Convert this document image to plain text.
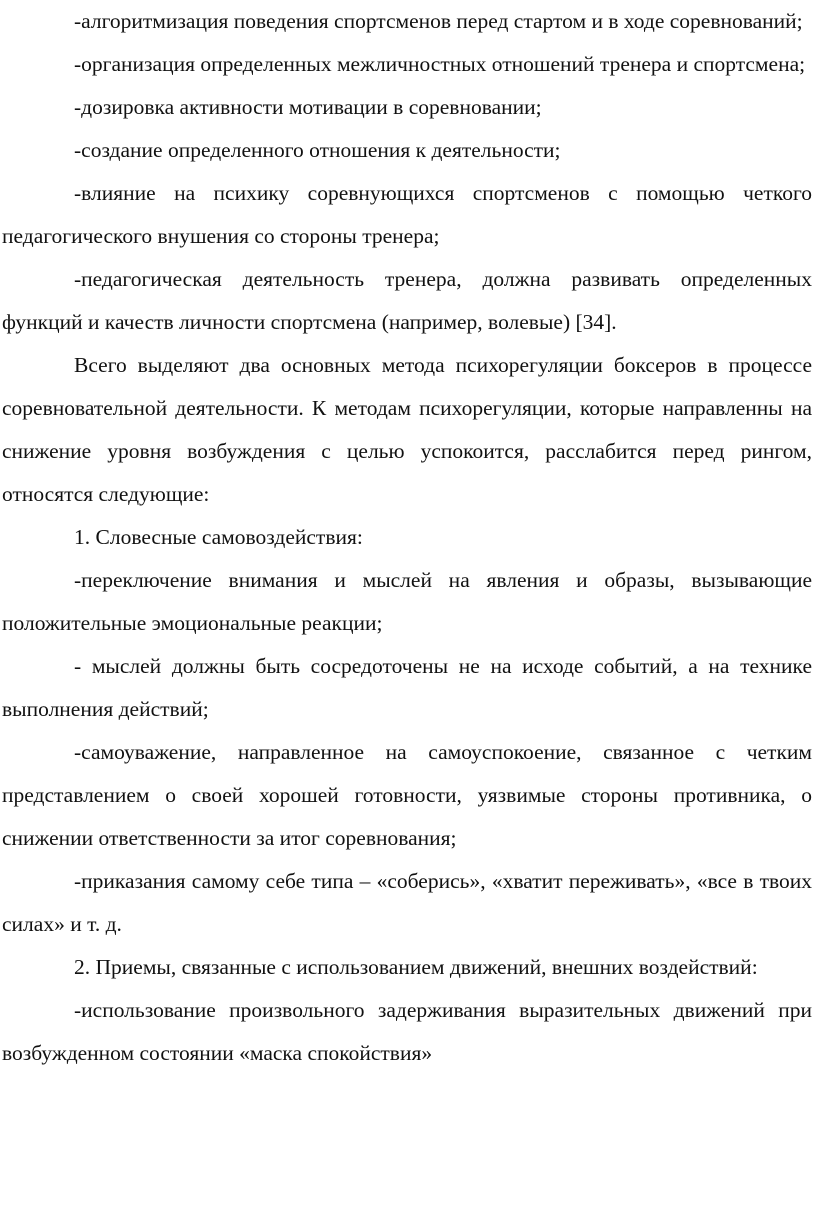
-алгоритмизация поведения спортсменов перед стартом и в ходе соревнований;

-организация определенных межличностных отношений тренера и спортсмена;

-дозировка активности мотивации в соревновании;

-создание определенного отношения к деятельности;

-влияние на психику соревнующихся спортсменов с помощью четкого педагогического внушения со стороны тренера;

-педагогическая деятельность тренера, должна развивать определенных функций и качеств личности спортсмена (например, волевые) [34].

Всего выделяют два основных метода психорегуляции боксеров в процессе соревновательной деятельности. К методам психорегуляции, которые направленны на снижение уровня возбуждения с целью успокоится, расслабится перед рингом, относятся следующие:

1. Словесные самовоздействия:

-переключение внимания и мыслей на явления и образы, вызывающие положительные эмоциональные реакции;

- мыслей должны быть сосредоточены не на исходе событий, а на технике выполнения действий;

-самоуважение, направленное на самоуспокоение, связанное с четким представлением о своей хорошей готовности, уязвимые стороны противника, о снижении ответственности за итог соревнования;

-приказания самому себе типа – «соберись», «хватит переживать», «все в твоих силах» и т. д.

2. Приемы, связанные с использованием движений, внешних воздействий:

-использование произвольного задерживания выразительных движений при возбужденном состоянии «маска спокойствия»
